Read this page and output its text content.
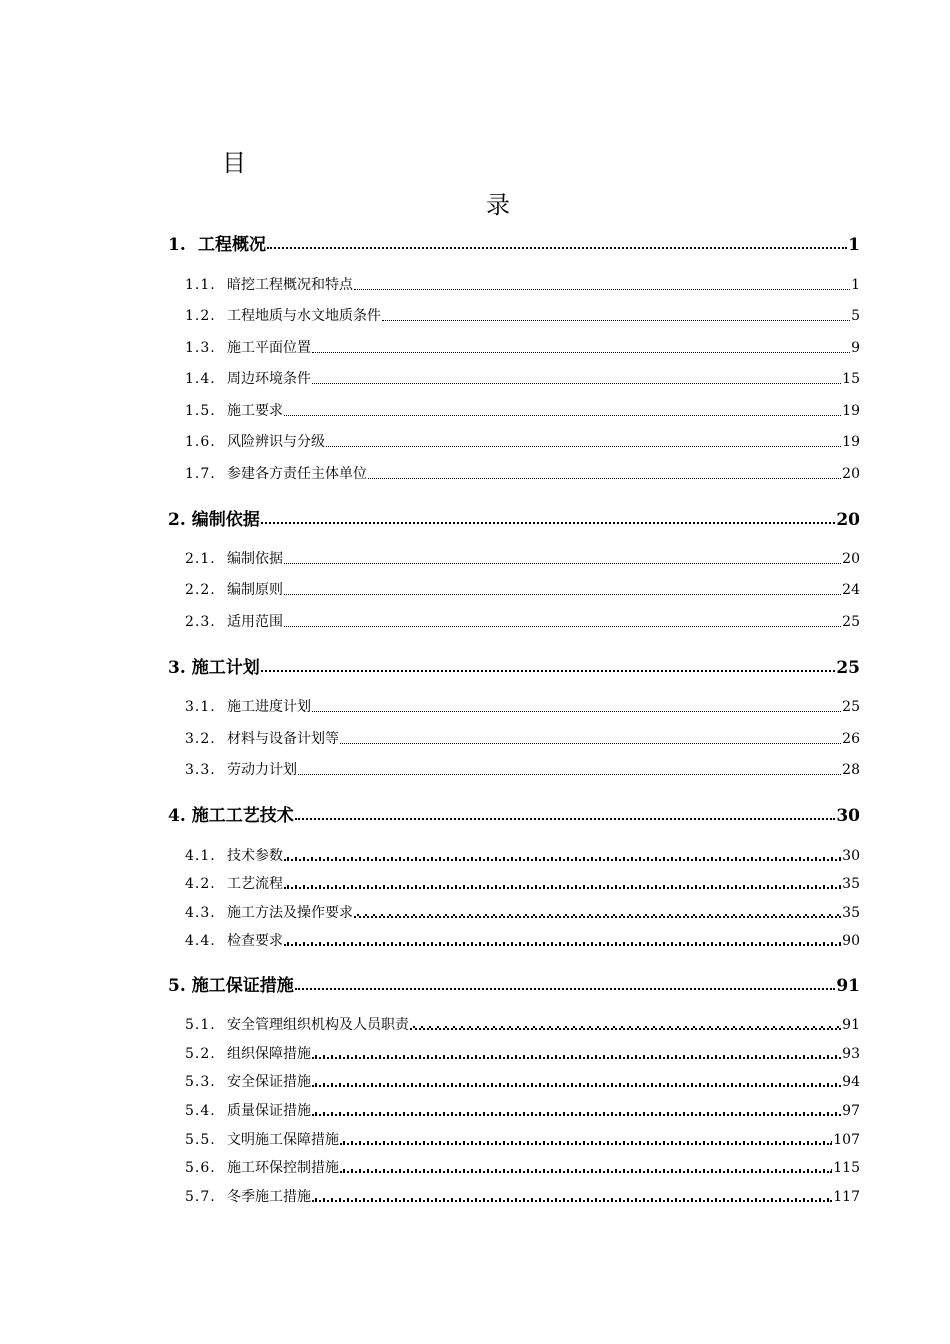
目
录
1. 工程概况	1
1.1. 暗挖工程概况和特点	1
1.2. 工程地质与水文地质条件	5
1.3. 施工平面位置	9
1.4. 周边环境条件	15
1.5. 施工要求	19
1.6. 风险辨识与分级	19
1.7. 参建各方责任主体单位	20
2. 编制依据	20
2.1. 编制依据	20
2.2. 编制原则	24
2.3. 适用范围	25
3. 施工计划	25
3.1. 施工进度计划	25
3.2. 材料与设备计划等	26
3.3. 劳动力计划	28
4. 施工工艺技术	30
4.1. 技术参数	30
4.2. 工艺流程	35
4.3. 施工方法及操作要求	35
4.4. 检查要求	90
5. 施工保证措施	91
5.1. 安全管理组织机构及人员职责	91
5.2. 组织保障措施	93
5.3. 安全保证措施	94
5.4. 质量保证措施	97
5.5. 文明施工保障措施	107
5.6. 施工环保控制措施	115
5.7. 冬季施工措施	117
